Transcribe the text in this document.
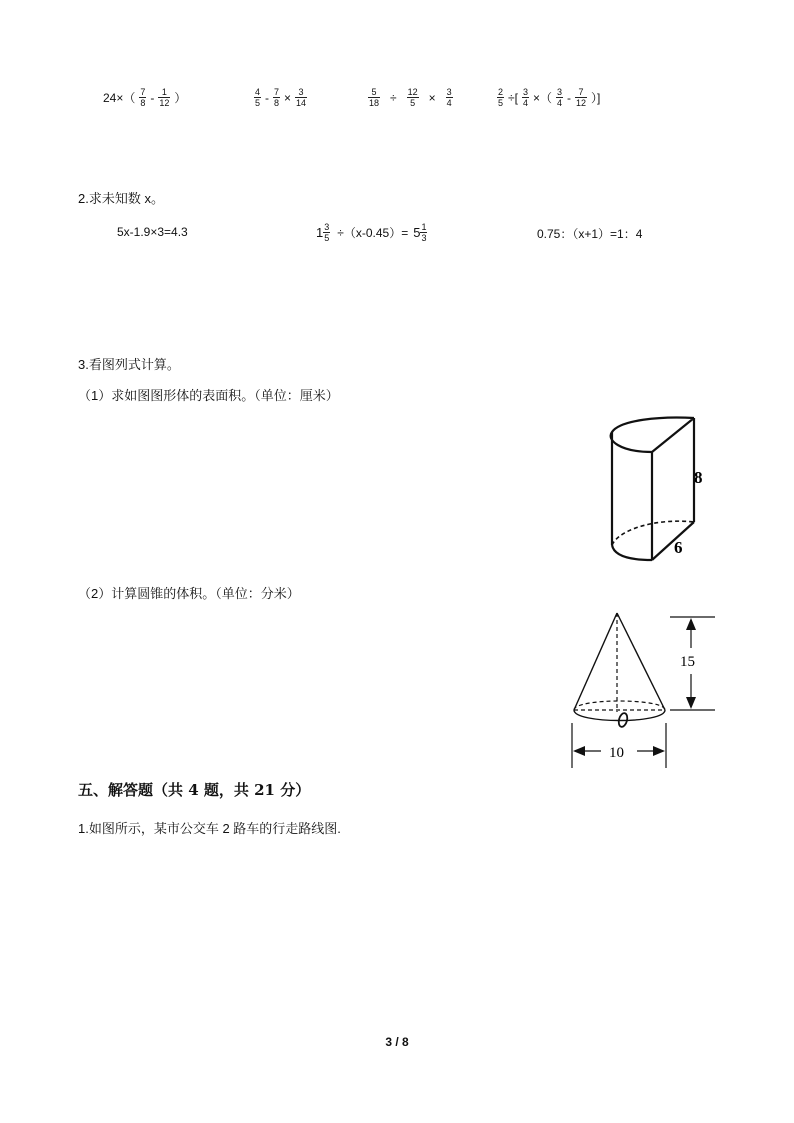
$24\times( \frac{7}{8} - \frac{1}{12}$ ）	$\frac{4}{5} - \frac{7}{8} \times \frac{3}{14}$	$\frac{5}{18} \div \frac{12}{5} \times \frac{3}{4}$	$\frac{2}{5}$ ÷[ $\frac{3}{4}$ ×（ $\frac{3}{4} - \frac{7}{12}$ ）]
2.求未知数 x。
5x-1.9×3=4.3	$1 \frac{3}{5} \div(x-0.45)= 5 \frac{1}{3}$	0.75：（x+1）=1：4
3.看图列式计算。
（1）求如图图形体的表面积。（单位：厘米）
8
6
（2）计算圆锥的体积。（单位：分米）
15
10
五、解答题（共 4 题，共 21 分）
1.如图所示，某市公交车 2 路车的行走路线图.
3 / 8
